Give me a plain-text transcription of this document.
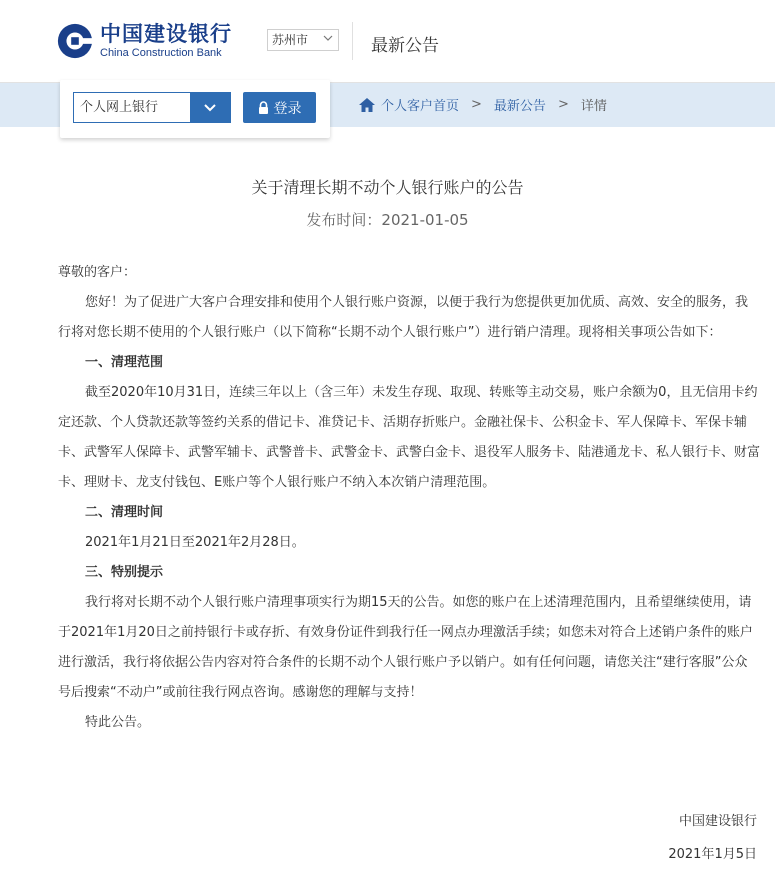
中国建设银行
China Construction Bank
苏州市	最新公告
个人网上银行	登录	个人客户首页 > 最新公告 > 详情
关于清理长期不动个人银行账户的公告
发布时间：2021-01-05

尊敬的客户：

您好！为了促进广大客户合理安排和使用个人银行账户资源，以便于我行为您提供更加优质、高效、安全的服务，我行将对您长期不使用的个人银行账户（以下简称“长期不动个人银行账户”）进行销户清理。现将相关事项公告如下：

一、清理范围

截至2020年10月31日，连续三年以上（含三年）未发生存现、取现、转账等主动交易，账户余额为0，且无信用卡约定还款、个人贷款还款等签约关系的借记卡、准贷记卡、活期存折账户。金融社保卡、公积金卡、军人保障卡、军保卡辅卡、武警军人保障卡、武警军辅卡、武警普卡、武警金卡、武警白金卡、退役军人服务卡、陆港通龙卡、私人银行卡、财富卡、理财卡、龙支付钱包、E账户等个人银行账户不纳入本次销户清理范围。

二、清理时间

2021年1月21日至2021年2月28日。

三、特别提示

我行将对长期不动个人银行账户清理事项实行为期15天的公告。如您的账户在上述清理范围内，且希望继续使用，请于2021年1月20日之前持银行卡或存折、有效身份证件到我行任一网点办理激活手续；如您未对符合上述销户条件的账户进行激活，我行将依据公告内容对符合条件的长期不动个人银行账户予以销户。如有任何问题，请您关注“建行客服”公众号后搜索“不动户”或前往我行网点咨询。感谢您的理解与支持！

特此公告。

中国建设银行
2021年1月5日
